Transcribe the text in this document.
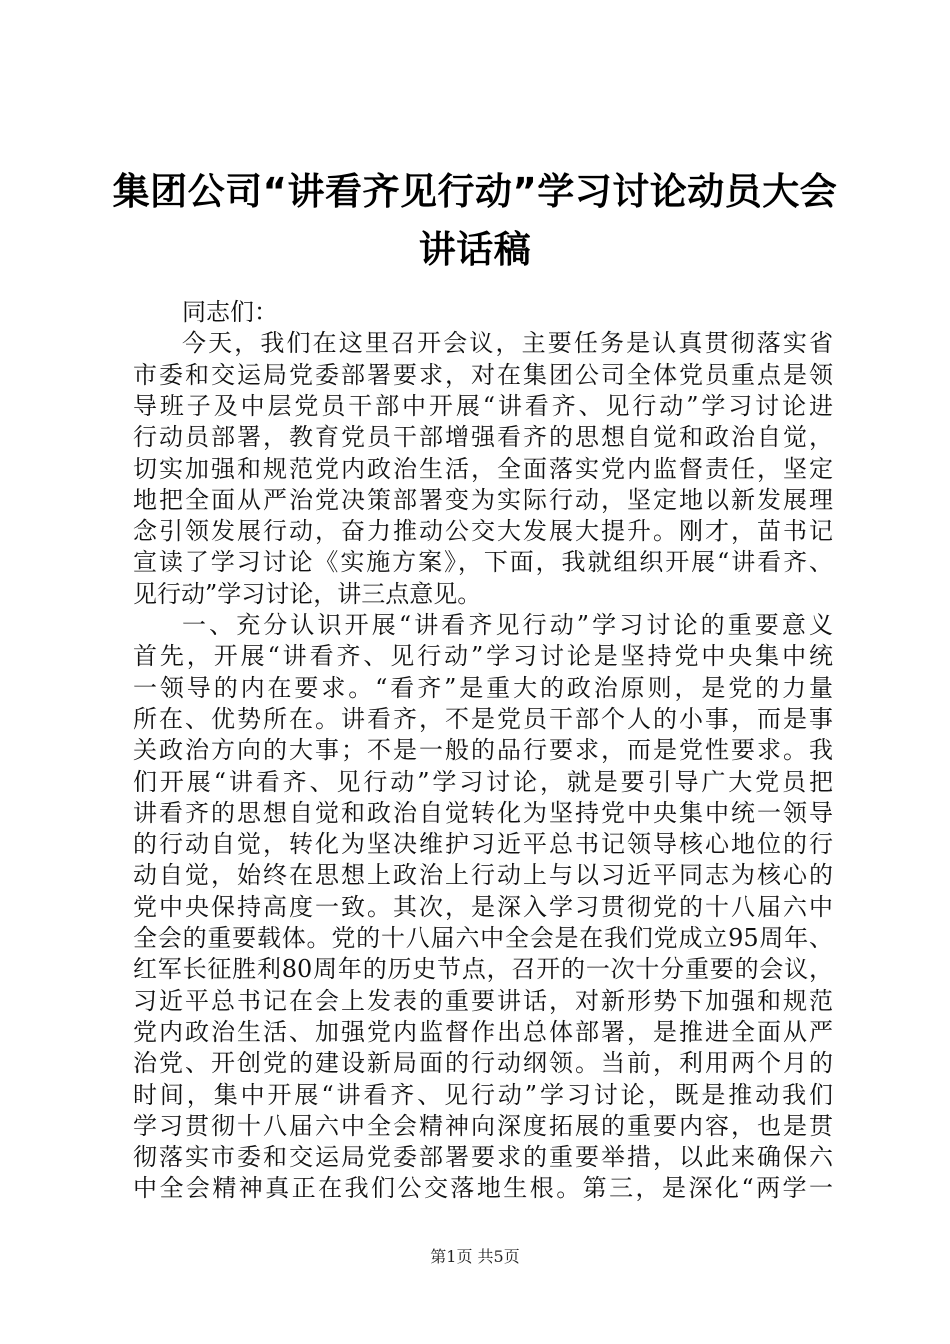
集团公司“讲看齐见行动”学习讨论动员大会
讲话稿
同志们：
今天，我们在这里召开会议，主要任务是认真贯彻落实省
市委和交运局党委部署要求，对在集团公司全体党员重点是领
导班子及中层党员干部中开展“讲看齐、见行动”学习讨论进
行动员部署，教育党员干部增强看齐的思想自觉和政治自觉，
切实加强和规范党内政治生活，全面落实党内监督责任，坚定
地把全面从严治党决策部署变为实际行动，坚定地以新发展理
念引领发展行动，奋力推动公交大发展大提升。刚才，苗书记
宣读了学习讨论《实施方案》，下面，我就组织开展“讲看齐、
见行动”学习讨论，讲三点意见。
一、充分认识开展“讲看齐见行动”学习讨论的重要意义
首先，开展“讲看齐、见行动”学习讨论是坚持党中央集中统
一领导的内在要求。“看齐”是重大的政治原则，是党的力量
所在、优势所在。讲看齐，不是党员干部个人的小事，而是事
关政治方向的大事；不是一般的品行要求，而是党性要求。我
们开展“讲看齐、见行动”学习讨论，就是要引导广大党员把
讲看齐的思想自觉和政治自觉转化为坚持党中央集中统一领导
的行动自觉，转化为坚决维护习近平总书记领导核心地位的行
动自觉，始终在思想上政治上行动上与以习近平同志为核心的
党中央保持高度一致。其次，是深入学习贯彻党的十八届六中
全会的重要载体。党的十八届六中全会是在我们党成立95周年、
红军长征胜利80周年的历史节点，召开的一次十分重要的会议，
习近平总书记在会上发表的重要讲话，对新形势下加强和规范
党内政治生活、加强党内监督作出总体部署，是推进全面从严
治党、开创党的建设新局面的行动纲领。当前，利用两个月的
时间，集中开展“讲看齐、见行动”学习讨论，既是推动我们
学习贯彻十八届六中全会精神向深度拓展的重要内容，也是贯
彻落实市委和交运局党委部署要求的重要举措，以此来确保六
中全会精神真正在我们公交落地生根。第三，是深化“两学一
第1页 共5页
